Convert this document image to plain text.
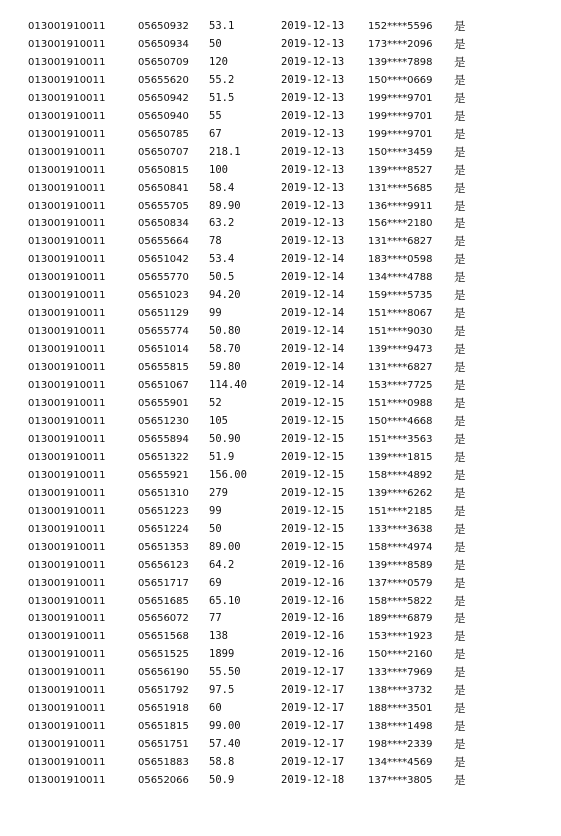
013001910011	05650932 53.1	2019-12-13 152****5596 是
013001910011	05650934 50	2019-12-13 173****2096 是
013001910011	05650709 120	2019-12-13 139****7898 是
013001910011	05655620 55.2	2019-12-13 150****0669 是
013001910011	05650942 51.5	2019-12-13 199****9701 是
013001910011	05650940 55	2019-12-13 199****9701 是
013001910011	05650785 67	2019-12-13 199****9701 是
013001910011	05650707 218.1	2019-12-13 150****3459 是
013001910011	05650815 100	2019-12-13 139****8527 是
013001910011	05650841 58.4	2019-12-13 131****5685 是
013001910011	05655705 89.90	2019-12-13 136****9911 是
013001910011	05650834 63.2	2019-12-13 156****2180 是
013001910011	05655664 78	2019-12-13 131****6827 是
013001910011	05651042 53.4	2019-12-14 183****0598 是
013001910011	05655770 50.5	2019-12-14 134****4788 是
013001910011	05651023 94.20	2019-12-14 159****5735 是
013001910011	05651129 99	2019-12-14 151****8067 是
013001910011	05655774 50.80	2019-12-14 151****9030 是
013001910011	05651014 58.70	2019-12-14 139****9473 是
013001910011	05655815 59.80	2019-12-14 131****6827 是
013001910011	05651067 114.40	2019-12-14 153****7725 是
013001910011	05655901 52	2019-12-15 151****0988 是
013001910011	05651230 105	2019-12-15 150****4668 是
013001910011	05655894 50.90	2019-12-15 151****3563 是
013001910011	05651322 51.9	2019-12-15 139****1815 是
013001910011	05655921 156.00	2019-12-15 158****4892 是
013001910011	05651310 279	2019-12-15 139****6262 是
013001910011	05651223 99	2019-12-15 151****2185 是
013001910011	05651224 50	2019-12-15 133****3638 是
013001910011	05651353 89.00	2019-12-15 158****4974 是
013001910011	05656123 64.2	2019-12-16 139****8589 是
013001910011	05651717 69	2019-12-16 137****0579 是
013001910011	05651685 65.10	2019-12-16 158****5822 是
013001910011	05656072 77	2019-12-16 189****6879 是
013001910011	05651568 138	2019-12-16 153****1923 是
013001910011	05651525 1899	2019-12-16 150****2160 是
013001910011	05656190 55.50	2019-12-17 133****7969 是
013001910011	05651792 97.5	2019-12-17 138****3732 是
013001910011	05651918 60	2019-12-17 188****3501 是
013001910011	05651815 99.00	2019-12-17 138****1498 是
013001910011	05651751 57.40	2019-12-17 198****2339 是
013001910011	05651883 58.8	2019-12-17 134****4569 是
013001910011	05652066 50.9	2019-12-18 137****3805 是
